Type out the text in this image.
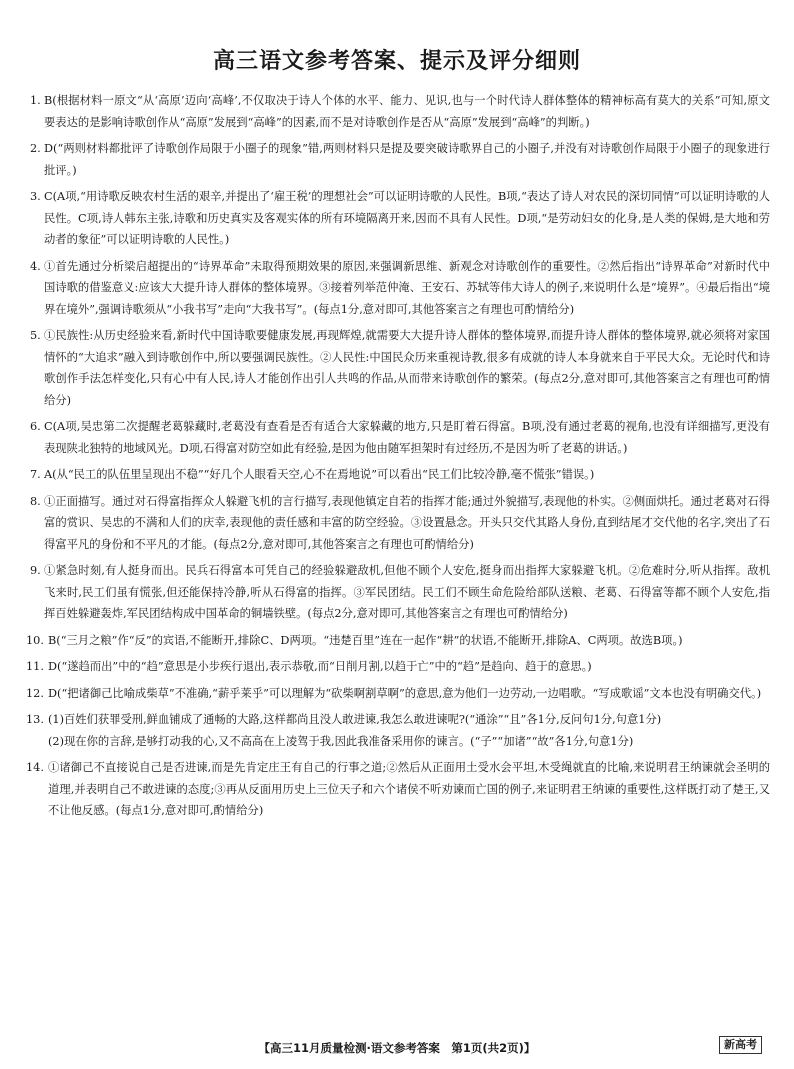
高三语文参考答案、提示及评分细则
1. B(根据材料一原文“从‘高原’迈向‘高峰’,不仅取决于诗人个体的水平、能力、见识,也与一个时代诗人群体整体的精神标高有莫大的关系”可知,原文要表达的是影响诗歌创作从“高原”发展到“高峰”的因素,而不是对诗歌创作是否从“高原”发展到“高峰”的判断。)
2. D(“两则材料都批评了诗歌创作局限于小圈子的现象”错,两则材料只是提及要突破诗歌界自己的小圈子,并没有对诗歌创作局限于小圈子的现象进行批评。)
3. C(A项,“用诗歌反映农村生活的艰辛,并提出了‘雇王税’的理想社会”可以证明诗歌的人民性。B项,“表达了诗人对农民的深切同情”可以证明诗歌的人民性。C项,诗人韩东主张,诗歌和历史真实及客观实体的所有环境隔离开来,因而不具有人民性。D项,“是劳动妇女的化身,是人类的保姆,是大地和劳动者的象征”可以证明诗歌的人民性。)
4. ①首先通过分析梁启超提出的“诗界革命”未取得预期效果的原因,来强调新思维、新观念对诗歌创作的重要性。②然后指出“诗界革命”对新时代中国诗歌的借鉴意义:应该大大提升诗人群体的整体境界。③接着列举范仲淹、王安石、苏轼等伟大诗人的例子,来说明什么是“境界”。④最后指出“境界在境外”,强调诗歌须从“小我书写”走向“大我书写”。(每点1分,意对即可,其他答案言之有理也可酌情给分)
5. ①民族性:从历史经验来看,新时代中国诗歌要健康发展,再现辉煌,就需要大大提升诗人群体的整体境界,而提升诗人群体的整体境界,就必须将对家国情怀的“大追求”融入到诗歌创作中,所以要强调民族性。②人民性:中国民众历来重视诗教,很多有成就的诗人本身就来自于平民大众。无论时代和诗歌创作手法怎样变化,只有心中有人民,诗人才能创作出引人共鸣的作品,从而带来诗歌创作的繁荣。(每点2分,意对即可,其他答案言之有理也可酌情给分)
6. C(A项,吴忠第二次提醒老葛躲藏时,老葛没有查看是否有适合大家躲藏的地方,只是盯着石得富。B项,没有通过老葛的视角,也没有详细描写,更没有表现陕北独特的地域风光。D项,石得富对防空如此有经验,是因为他由随军担架时有过经历,不是因为听了老葛的讲话。)
7. A(从“民工的队伍里呈现出不稳”“好几个人眼看天空,心不在焉地说”可以看出“民工们比较冷静,毫不慌张”错误。)
8. ①正面描写。通过对石得富指挥众人躲避飞机的言行描写,表现他镇定自若的指挥才能;通过外貌描写,表现他的朴实。②侧面烘托。通过老葛对石得富的赏识、吴忠的不满和人们的庆幸,表现他的责任感和丰富的防空经验。③设置悬念。开头只交代其路人身份,直到结尾才交代他的名字,突出了石得富平凡的身份和不平凡的才能。(每点2分,意对即可,其他答案言之有理也可酌情给分)
9. ①紧急时刻,有人挺身而出。民兵石得富本可凭自己的经验躲避敌机,但他不顾个人安危,挺身而出指挥大家躲避飞机。②危难时分,听从指挥。敌机飞来时,民工们虽有慌张,但还能保持冷静,听从石得富的指挥。③军民团结。民工们不顾生命危险给部队送粮、老葛、石得富等都不顾个人安危,指挥百姓躲避轰炸,军民团结构成中国革命的铜墙铁壁。(每点2分,意对即可,其他答案言之有理也可酌情给分)
10. B(“三月之粮”作“反”的宾语,不能断开,排除C、D两项。“违楚百里”连在一起作“耕”的状语,不能断开,排除A、C两项。故选B项。)
11. D(“遂趋而出”中的“趋”意思是小步疾行退出,表示恭敬,而“日削月割,以趋于亡”中的“趋”是趋向、趋于的意思。)
12. D(“把诸御己比喻成柴草”不准确,“薪乎莱乎”可以理解为“砍柴啊割草啊”的意思,意为他们一边劳动,一边唱歌。“写成歌谣”文本也没有明确交代。)
13. (1)百姓们获罪受刑,鲜血铺成了通畅的大路,这样都尚且没人敢进谏,我怎么敢进谏呢?(“通涂”“且”各1分,反问句1分,句意1分)
(2)现在你的言辞,是够打动我的心,又不高高在上凌驾于我,因此我准备采用你的谏言。(“子”“加诸”“故”各1分,句意1分)
14. ①诸御己不直接说自己是否进谏,而是先肯定庄王有自己的行事之道;②然后从正面用土受水会平坦,木受绳就直的比喻,来说明君王纳谏就会圣明的道理,并表明自己不敢进谏的态度;③再从反面用历史上三位天子和六个诸侯不听劝谏而亡国的例子,来证明君王纳谏的重要性,这样既打动了楚王,又不让他反感。(每点1分,意对即可,酌情给分)
【高三11月质量检测·语文参考答案　第1页(共2页)】	新高考
